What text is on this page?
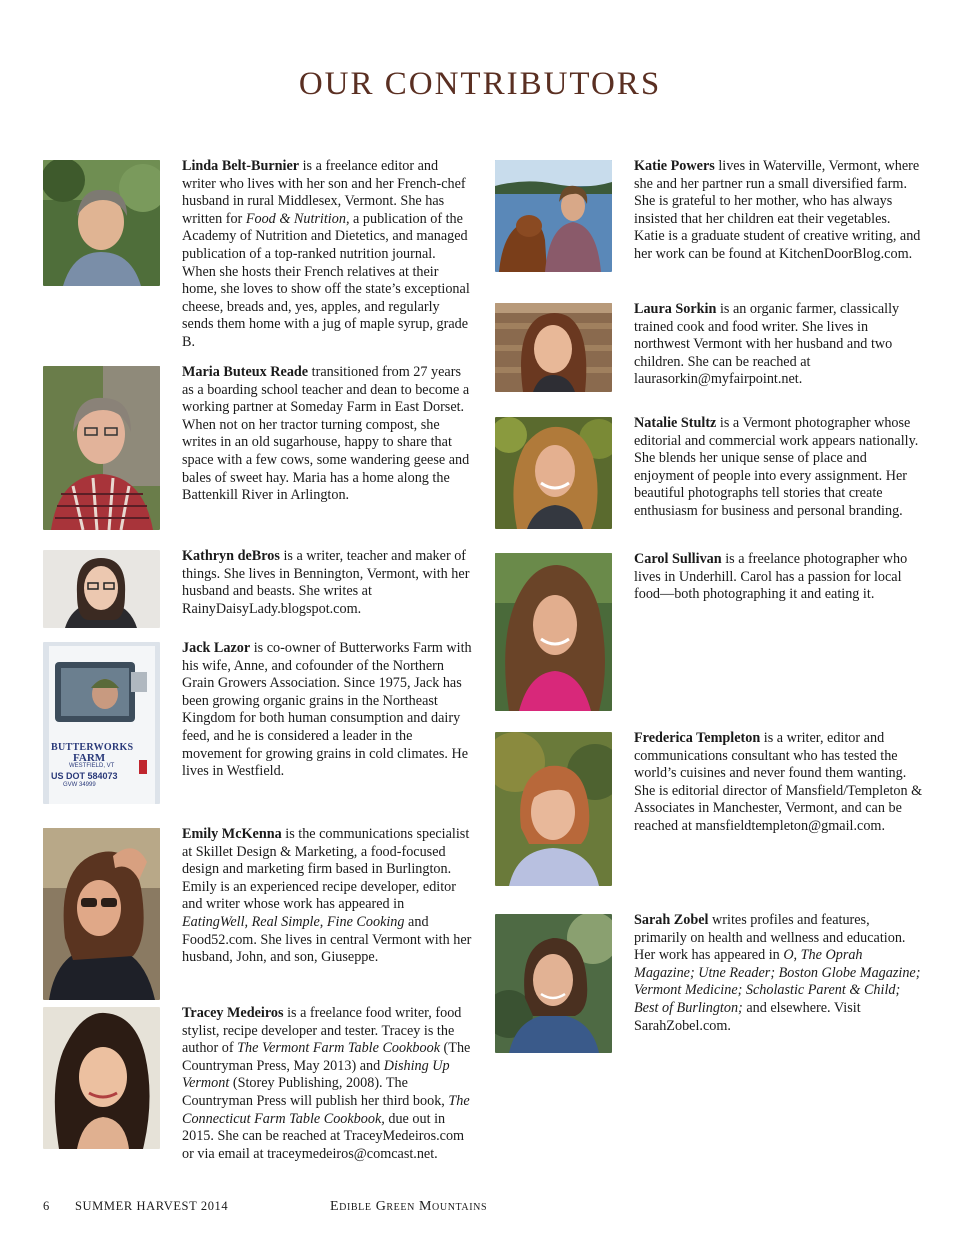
OUR CONTRIBUTORS

Linda Belt-Burnier is a freelance editor and writer who lives with her son and her French-chef husband in rural Middlesex, Vermont. She has written for Food & Nutrition, a publication of the Academy of Nutrition and Dietetics, and managed publication of a top-ranked nutrition journal. When she hosts their French relatives at their home, she loves to show off the state’s exceptional cheese, breads and, yes, apples, and regularly sends them home with a jug of maple syrup, grade B.

Maria Buteux Reade transitioned from 27 years as a boarding school teacher and dean to become a working partner at Someday Farm in East Dorset. When not on her tractor turning compost, she writes in an old sugarhouse, happy to share that space with a few cows, some wandering geese and bales of sweet hay. Maria has a home along the Battenkill River in Arlington.

Kathryn deBros is a writer, teacher and maker of things. She lives in Bennington, Vermont, with her husband and beasts. She writes at RainyDaisyLady.blogspot.com.

BUTTERWORKS
FARM
WESTFIELD, VT
US DOT 584073
GVW 34999

Jack Lazor is co-owner of Butterworks Farm with his wife, Anne, and cofounder of the Northern Grain Growers Association. Since 1975, Jack has been growing organic grains in the Northeast Kingdom for both human consumption and dairy feed, and he is considered a leader in the movement for growing grains in cold climates. He lives in Westfield.

Emily McKenna is the communications specialist at Skillet Design & Marketing, a food-focused design and marketing firm based in Burlington. Emily is an experienced recipe developer, editor and writer whose work has appeared in EatingWell, Real Simple, Fine Cooking and Food52.com. She lives in central Vermont with her husband, John, and son, Giuseppe.

Tracey Medeiros is a freelance food writer, food stylist, recipe developer and tester. Tracey is the author of The Vermont Farm Table Cookbook (The Countryman Press, May 2013) and Dishing Up Vermont (Storey Publishing, 2008). The Countryman Press will publish her third book, The Connecticut Farm Table Cookbook, due out in 2015. She can be reached at TraceyMedeiros.com or via email at traceymedeiros@comcast.net.

Katie Powers lives in Waterville, Vermont, where she and her partner run a small diversified farm. She is grateful to her mother, who has always insisted that her children eat their vegetables. Katie is a graduate student of creative writing, and her work can be found at KitchenDoorBlog.com.

Laura Sorkin is an organic farmer, classically trained cook and food writer. She lives in northwest Vermont with her husband and two children. She can be reached at laurasorkin@myfairpoint.net.

Natalie Stultz is a Vermont photographer whose editorial and commercial work appears nationally. She blends her unique sense of place and enjoyment of people into every assignment. Her beautiful photographs tell stories that create enthusiasm for business and personal branding.

Carol Sullivan is a freelance photographer who lives in Underhill. Carol has a passion for local food—both photographing it and eating it.

Frederica Templeton is a writer, editor and communications consultant who has tested the world’s cuisines and never found them wanting. She is editorial director of Mansfield/Templeton & Associates in Manchester, Vermont, and can be reached at mansfieldtempleton@gmail.com.

Sarah Zobel writes profiles and features, primarily on health and wellness and education. Her work has appeared in O, The Oprah Magazine; Utne Reader; Boston Globe Magazine; Vermont Medicine; Scholastic Parent & Child; Best of Burlington; and elsewhere. Visit SarahZobel.com.

6 SUMMER HARVEST 2014	Edible Green Mountains
